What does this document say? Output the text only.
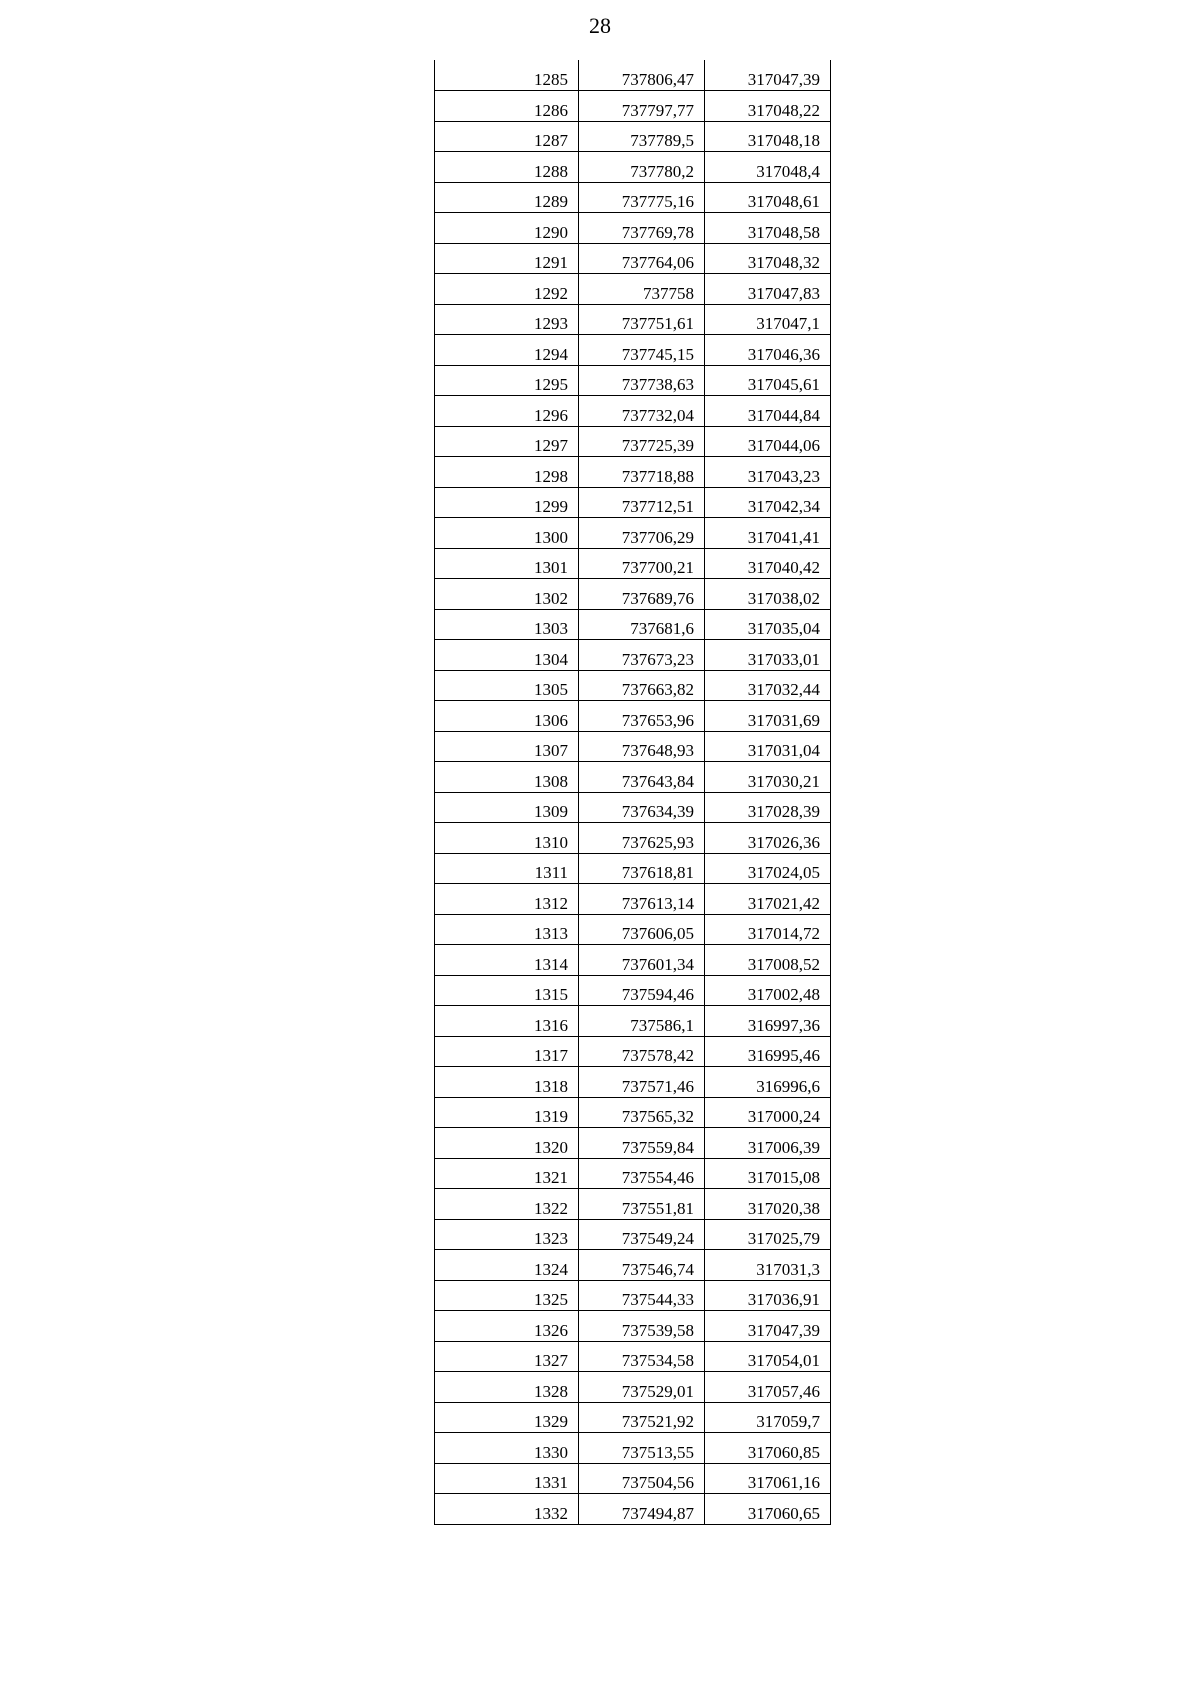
28
1285	737806,47	317047,39
1286	737797,77	317048,22
1287	737789,5	317048,18
1288	737780,2	317048,4
1289	737775,16	317048,61
1290	737769,78	317048,58
1291	737764,06	317048,32
1292	737758	317047,83
1293	737751,61	317047,1
1294	737745,15	317046,36
1295	737738,63	317045,61
1296	737732,04	317044,84
1297	737725,39	317044,06
1298	737718,88	317043,23
1299	737712,51	317042,34
1300	737706,29	317041,41
1301	737700,21	317040,42
1302	737689,76	317038,02
1303	737681,6	317035,04
1304	737673,23	317033,01
1305	737663,82	317032,44
1306	737653,96	317031,69
1307	737648,93	317031,04
1308	737643,84	317030,21
1309	737634,39	317028,39
1310	737625,93	317026,36
1311	737618,81	317024,05
1312	737613,14	317021,42
1313	737606,05	317014,72
1314	737601,34	317008,52
1315	737594,46	317002,48
1316	737586,1	316997,36
1317	737578,42	316995,46
1318	737571,46	316996,6
1319	737565,32	317000,24
1320	737559,84	317006,39
1321	737554,46	317015,08
1322	737551,81	317020,38
1323	737549,24	317025,79
1324	737546,74	317031,3
1325	737544,33	317036,91
1326	737539,58	317047,39
1327	737534,58	317054,01
1328	737529,01	317057,46
1329	737521,92	317059,7
1330	737513,55	317060,85
1331	737504,56	317061,16
1332	737494,87	317060,65
